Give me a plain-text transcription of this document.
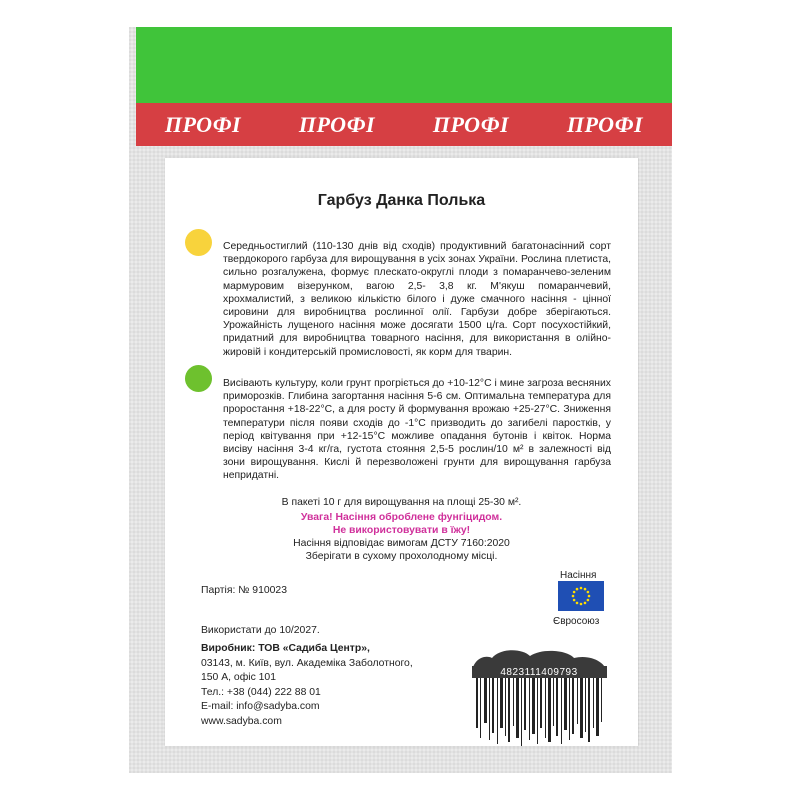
ПРОФІ	ПРОФІ	ПРОФІ	ПРОФІ
Гарбуз Данка Полька
Середньостиглий (110-130 днів від сходів) продуктивний багатонасінний сорт твердокорого гарбуза для вирощування в усіх зонах України. Рослина плетиста, сильно розгалужена, формує плескато-округлі плоди з помаранчево-зеленим мармуровим візерунком, вагою 2,5- 3,8 кг. М'якуш помаранчевий, хрохмалистий, з великою кількістю білого і дуже смачного насіння - цінної сировини для виробництва рослинної олії. Гарбузи добре зберігаються. Урожайність лущеного насіння може досягати 1500 ц/га. Сорт посухостійкий, придатний для виробництва товарного насіння, для використання в олійно-жировій і кондитерській промисловості, як корм для тварин.
Висівають культуру, коли грунт прогріється до +10-12°С і мине загроза весняних приморозків. Глибина загортання насіння 5-6 см. Оптимальна температура для проростання +18-22°С, а для росту й формування врожаю +25-27°С. Зниження температури після появи сходів до -1°С призводить до загибелі паростків, у період квітування при +12-15°С можливе опадання бутонів і квіток. Норма висіву насіння 3-4 кг/га, густота стояння 2,5-5 рослин/10 м² в залежності від зони вирощування. Кислі й перезволожені грунти для вирощування гарбуза непридатні.
В пакеті 10 г для вирощування на площі 25-30 м².
Увага! Насіння оброблене фунгіцидом.
Не використовувати в їжу!
Насіння відповідає вимогам ДСТУ 7160:2020
Зберігати в сухому прохолодному місці.
Партія: № 910023
Використати до 10/2027.
Насіння
Євросоюз
Виробник: ТОВ «Садиба Центр»,
03143, м. Київ, вул. Академіка Заболотного,
150 А, офіс 101
Тел.: +38 (044) 222 88 01
E-mail: info@sadyba.com
www.sadyba.com
4823111409793
